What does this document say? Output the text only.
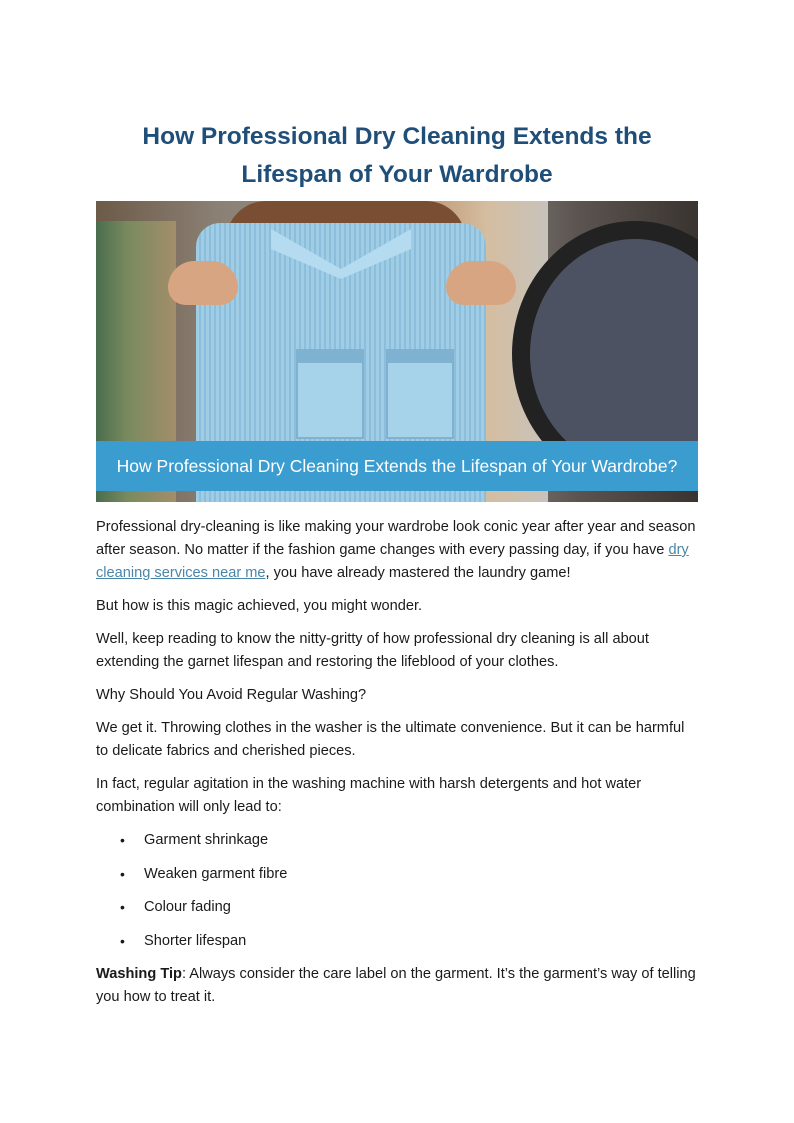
How Professional Dry Cleaning Extends the Lifespan of Your Wardrobe
How Professional Dry Cleaning Extends the Lifespan of Your Wardrobe?

Professional dry-cleaning is like making your wardrobe look conic year after year and season after season. No matter if the fashion game changes with every passing day, if you have dry cleaning services near me, you have already mastered the laundry game!

But how is this magic achieved, you might wonder.

Well, keep reading to know the nitty-gritty of how professional dry cleaning is all about extending the garnet lifespan and restoring the lifeblood of your clothes.

Why Should You Avoid Regular Washing?

We get it. Throwing clothes in the washer is the ultimate convenience. But it can be harmful to delicate fabrics and cherished pieces.

In fact, regular agitation in the washing machine with harsh detergents and hot water combination will only lead to:

• Garment shrinkage
• Weaken garment fibre
• Colour fading
• Shorter lifespan

Washing Tip: Always consider the care label on the garment. It’s the garment’s way of telling you how to treat it.
